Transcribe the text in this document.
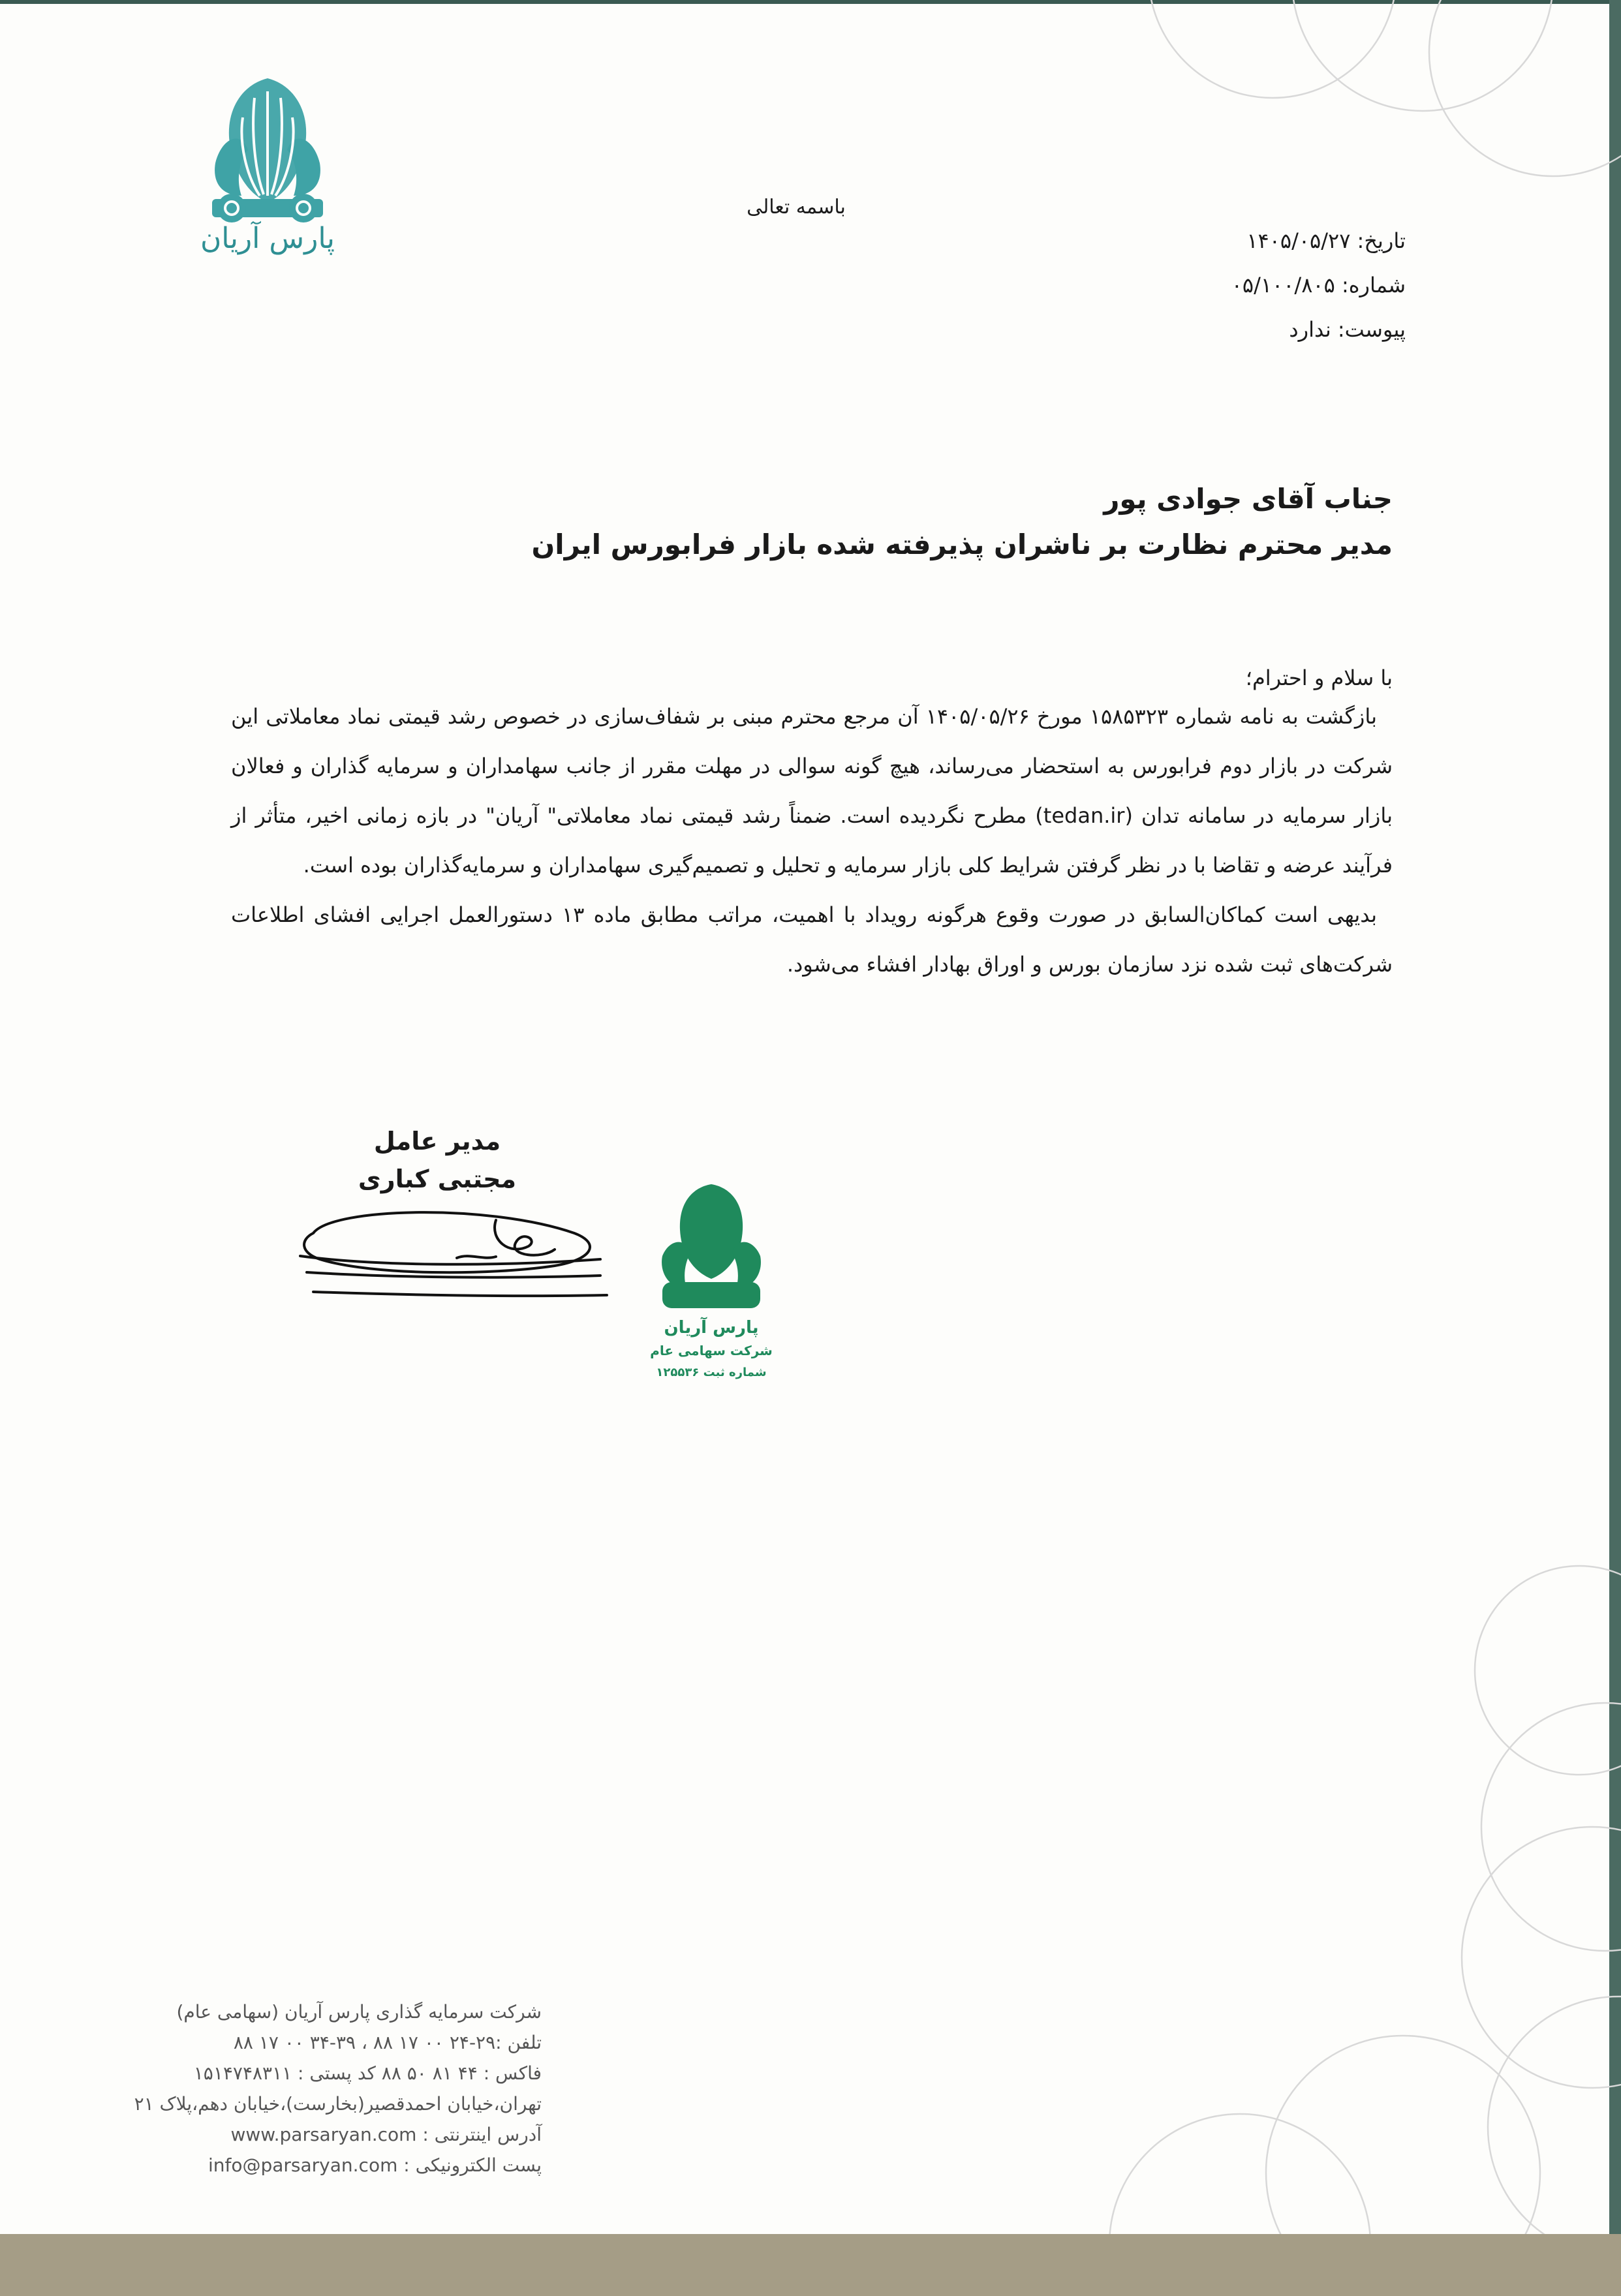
پارس آریان
باسمه تعالی
تاریخ: ۱۴۰۵/۰۵/۲۷
شماره: ۰۵/۱۰۰/۸۰۵
پیوست: ندارد
جناب آقای جوادی پور
مدیر محترم نظارت بر ناشران پذیرفته شده بازار فرابورس ایران
با سلام و احترام؛

بازگشت به نامه شماره ۱۵۸۵۳۲۳ مورخ ۱۴۰۵/۰۵/۲۶ آن مرجع محترم مبنی بر شفاف‌سازی در خصوص رشد قیمتی نماد معاملاتی این شرکت در بازار دوم فرابورس به استحضار می‌رساند، هیچ گونه سوالی در مهلت مقرر از جانب سهامداران و سرمایه گذاران و فعالان بازار سرمایه در سامانه تدان (tedan.ir) مطرح نگردیده است. ضمناً رشد قیمتی نماد معاملاتی" آریان" در بازه زمانی اخیر، متأثر از فرآیند عرضه و تقاضا با در نظر گرفتن شرایط کلی بازار سرمایه و تحلیل و تصمیم‌گیری سهامداران و سرمایه‌گذاران بوده است.

بدیهی است کماکان‌السابق در صورت وقوع هرگونه رویداد با اهمیت، مراتب مطابق ماده ۱۳ دستورالعمل اجرایی افشای اطلاعات شرکت‌های ثبت شده نزد سازمان بورس و اوراق بهادار افشاء می‌شود.

مدیر عامل
مجتبی کباری
پارس آریان
شرکت سهامی عام
شماره ثبت ۱۲۵۵۳۶
شرکت سرمایه گذاری پارس آریان (سهامی عام)
تلفن :۲۹-۲۴ ۰۰ ۱۷ ۸۸ ، ۳۹-۳۴ ۰۰ ۱۷ ۸۸
فاکس : ۴۴ ۸۱ ۵۰ ۸۸ کد پستی : ۱۵۱۴۷۴۸۳۱۱
تهران،خیابان احمدقصیر(بخارست)،خیابان دهم،پلاک ۲۱
آدرس اینترنتی : www.parsaryan.com
پست الکترونیکی : info@parsaryan.com
